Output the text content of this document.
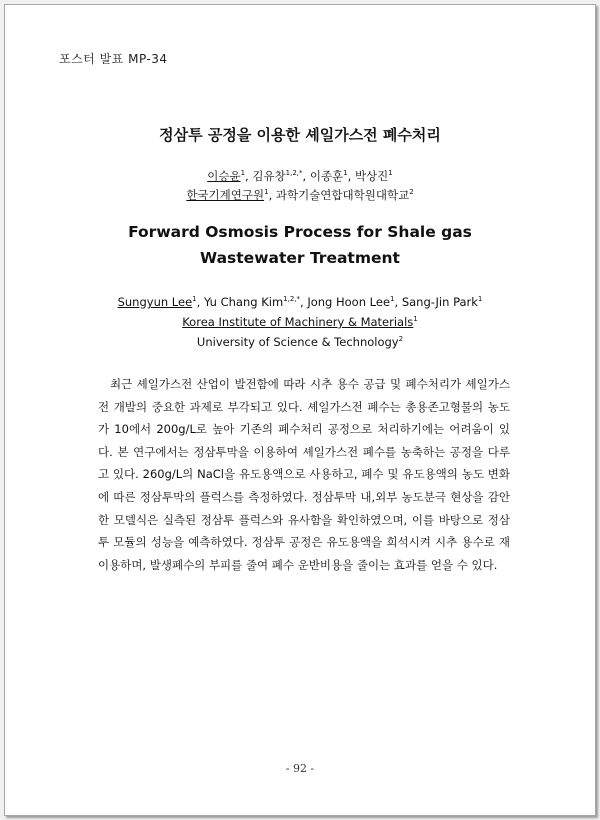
포스터 발표 MP-34
정삼투 공정을 이용한 셰일가스전 폐수처리
이승윤$^1$, 김유창$^{1,2,*}$, 이종훈$^1$, 박상진$^1$
한국기계연구원$^1$, 과학기술연합대학원대학교$^2$
Forward Osmosis Process for Shale gas Wastewater Treatment
Sungyun Lee$^1$, Yu Chang Kim$^{1,2,*}$, Jong Hoon Lee$^1$, Sang-Jin Park$^1$
Korea Institute of Machinery & Materials$^1$
University of Science & Technology$^2$
최근 셰일가스전 산업이 발전함에 따라 시추 용수 공급 및 폐수처리가 셰일가스전 개발의 중요한 과제로 부각되고 있다. 셰일가스전 폐수는 총용존고형물의 농도가 10에서 200g/L로 높아 기존의 폐수처리 공정으로 처리하기에는 어려움이 있다. 본 연구에서는 정삼투막을 이용하여 셰일가스전 폐수를 농축하는 공정을 다루고 있다. 260g/L의 NaCl을 유도용액으로 사용하고, 폐수 및 유도용액의 농도 변화에 따른 정삼투막의 플럭스를 측정하였다. 정삼투막 내,외부 농도분극 현상을 감안한 모델식은 실측된 정삼투 플럭스와 유사함을 확인하였으며, 이를 바탕으로 정삼투 모듈의 성능을 예측하였다. 정삼투 공정은 유도용액을 희석시켜 시추 용수로 재이용하며, 발생폐수의 부피를 줄여 폐수 운반비용을 줄이는 효과를 얻을 수 있다.
- 92 -
